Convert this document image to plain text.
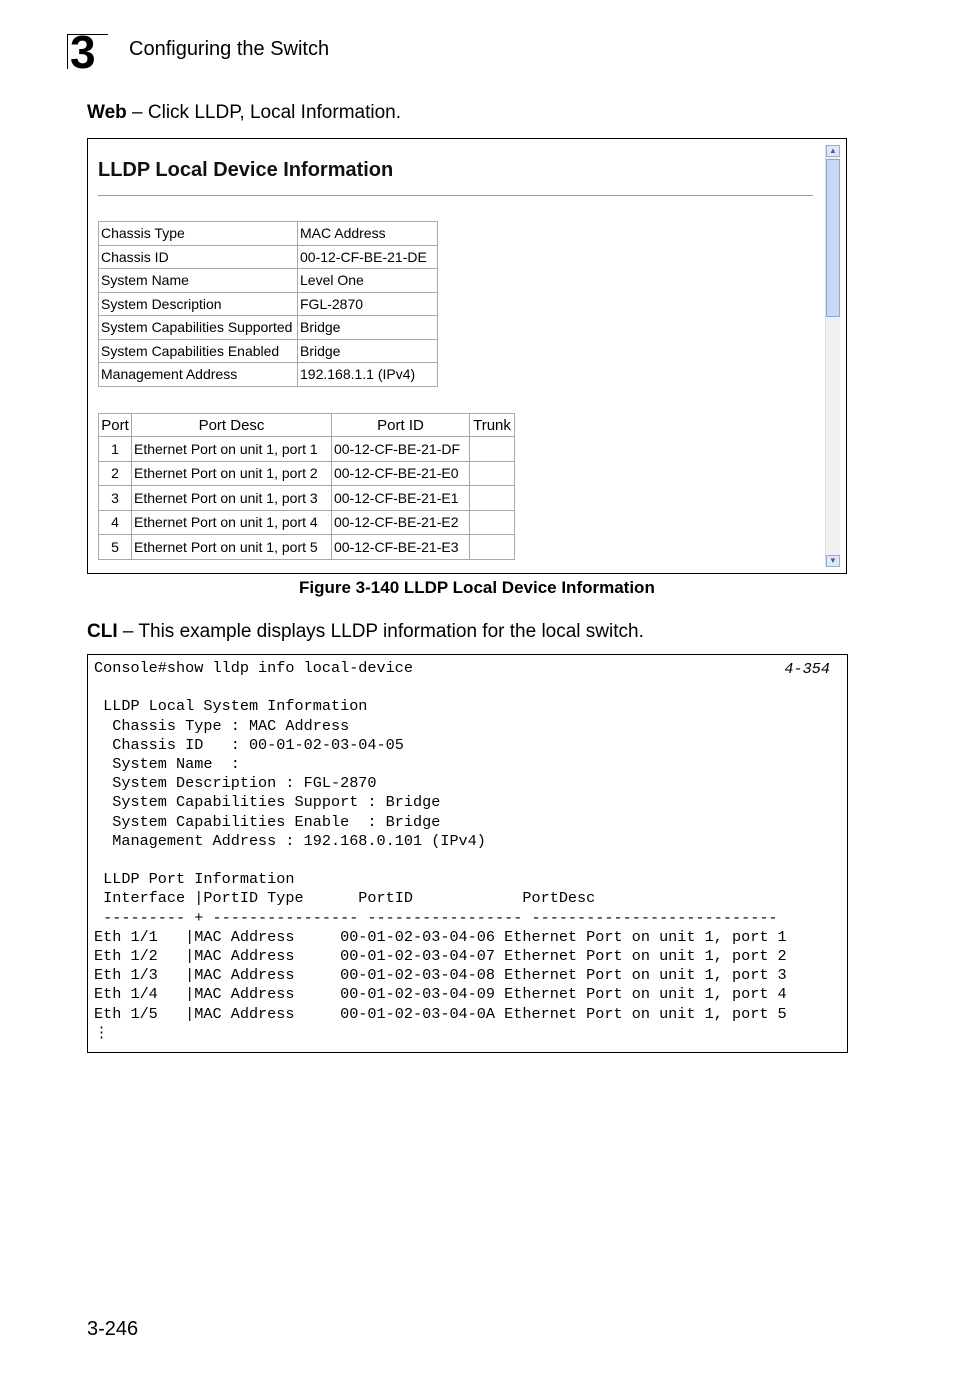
3 Configuring the Switch
Web – Click LLDP, Local Information.
LLDP Local Device Information
Chassis Type	MAC Address
Chassis ID	00-12-CF-BE-21-DE
System Name	Level One
System Description	FGL-2870
System Capabilities Supported	Bridge
System Capabilities Enabled	Bridge
Management Address	192.168.1.1 (IPv4)
Port	Port Desc	Port ID	Trunk
1	Ethernet Port on unit 1, port 1	00-12-CF-BE-21-DF	
2	Ethernet Port on unit 1, port 2	00-12-CF-BE-21-E0	
3	Ethernet Port on unit 1, port 3	00-12-CF-BE-21-E1	
4	Ethernet Port on unit 1, port 4	00-12-CF-BE-21-E2	
5	Ethernet Port on unit 1, port 5	00-12-CF-BE-21-E3	
▲
▼
Figure 3-140 LLDP Local Device Information
CLI – This example displays LLDP information for the local switch.
4-354
Console#show lldp info local-device
LLDP Local System Information
Chassis Type : MAC Address
Chassis ID   : 00-01-02-03-04-05
System Name  :
System Description : FGL-2870
System Capabilities Support : Bridge
System Capabilities Enable  : Bridge
Management Address : 192.168.0.101 (IPv4)
LLDP Port Information
Interface |PortID Type      PortID            PortDesc
--------- + ---------------- ----------------- ---------------------------
Eth 1/1   |MAC Address     00-01-02-03-04-06 Ethernet Port on unit 1, port 1
Eth 1/2   |MAC Address     00-01-02-03-04-07 Ethernet Port on unit 1, port 2
Eth 1/3   |MAC Address     00-01-02-03-04-08 Ethernet Port on unit 1, port 3
Eth 1/4   |MAC Address     00-01-02-03-04-09 Ethernet Port on unit 1, port 4
Eth 1/5   |MAC Address     00-01-02-03-04-0A Ethernet Port on unit 1, port 5
⋮
3-246
